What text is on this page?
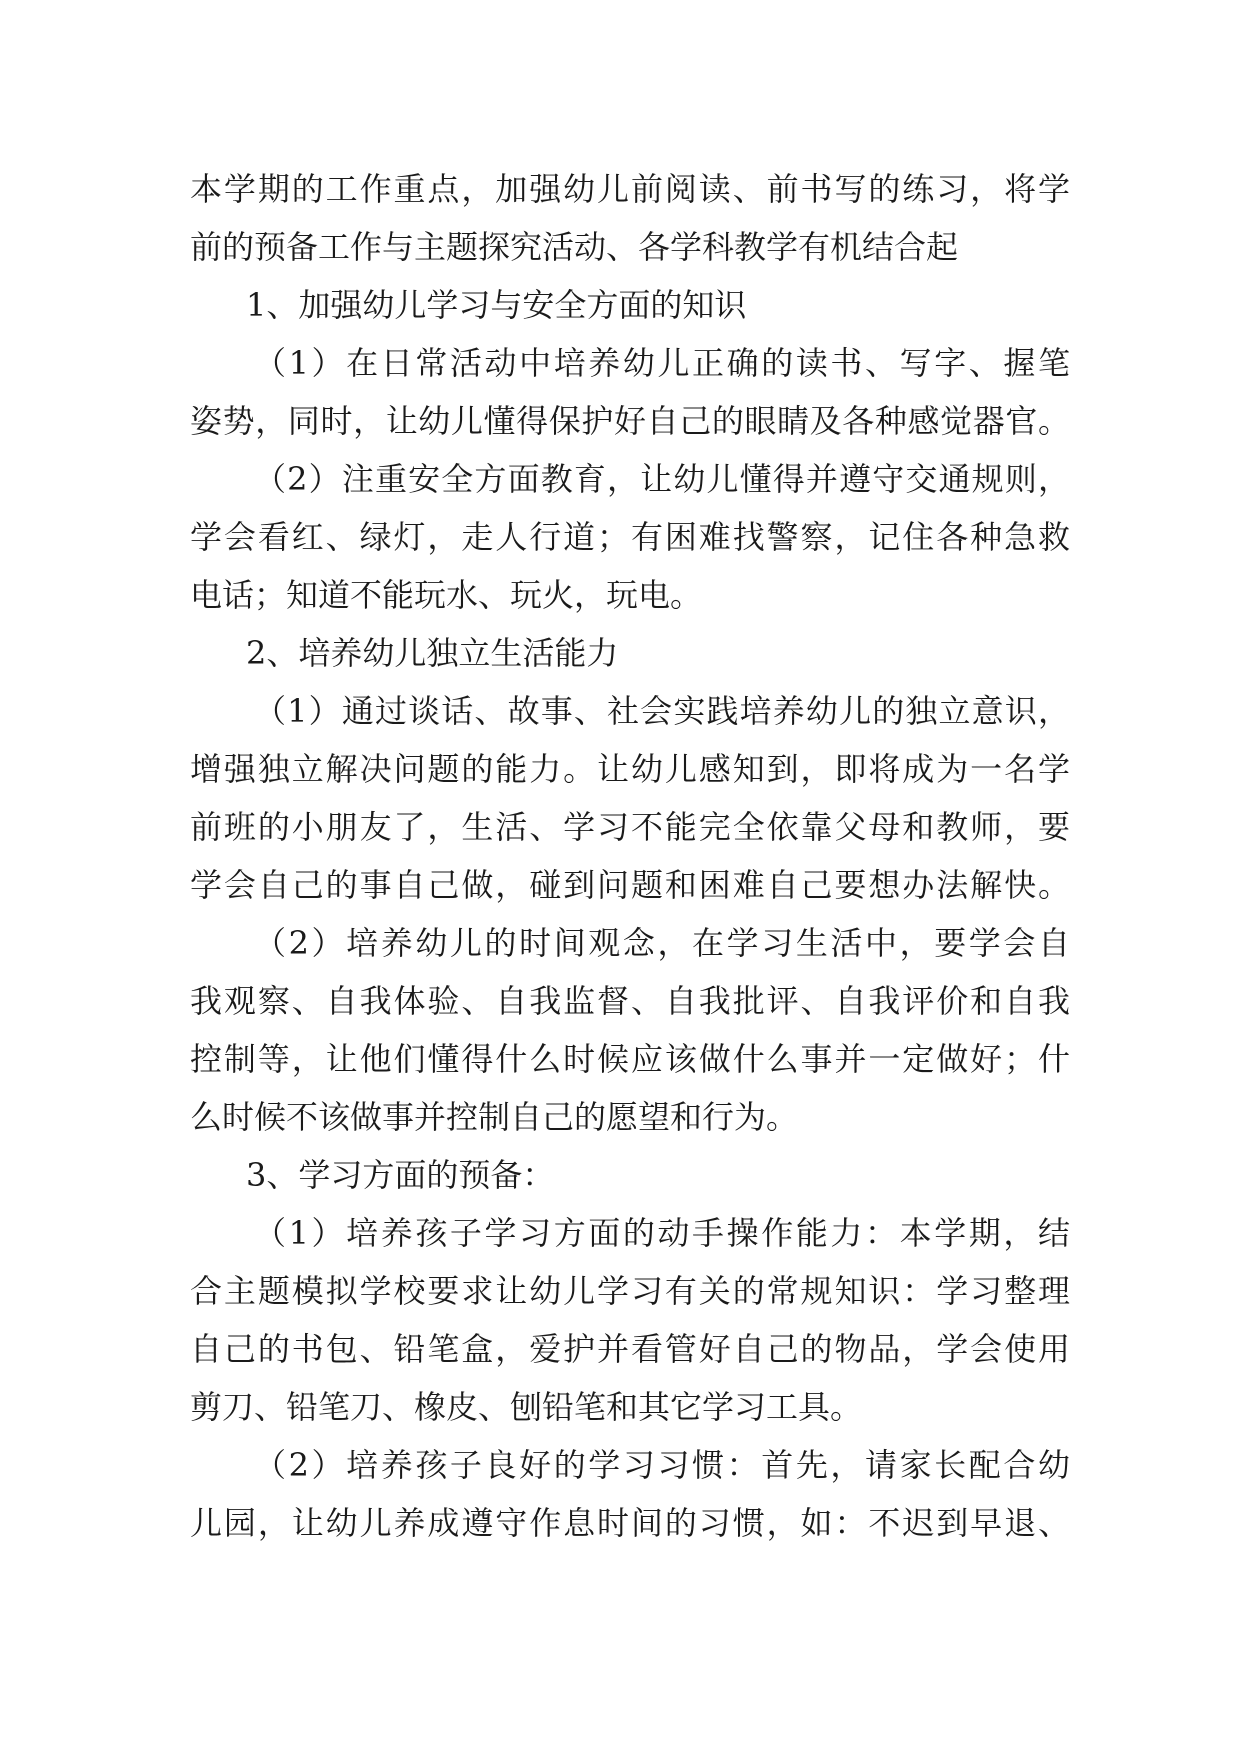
本学期的工作重点，加强幼儿前阅读、前书写的练习，将学
前的预备工作与主题探究活动、各学科教学有机结合起
1、加强幼儿学习与安全方面的知识
（1）在日常活动中培养幼儿正确的读书、写字、握笔
姿势，同时，让幼儿懂得保护好自己的眼睛及各种感觉器官。
（2）注重安全方面教育，让幼儿懂得并遵守交通规则，
学会看红、绿灯，走人行道；有困难找警察，记住各种急救
电话；知道不能玩水、玩火，玩电。
2、培养幼儿独立生活能力
（1）通过谈话、故事、社会实践培养幼儿的独立意识，
增强独立解决问题的能力。让幼儿感知到，即将成为一名学
前班的小朋友了，生活、学习不能完全依靠父母和教师，要
学会自己的事自己做，碰到问题和困难自己要想办法解快。
（2）培养幼儿的时间观念，在学习生活中，要学会自
我观察、自我体验、自我监督、自我批评、自我评价和自我
控制等，让他们懂得什么时候应该做什么事并一定做好；什
么时候不该做事并控制自己的愿望和行为。
3、学习方面的预备：
（1）培养孩子学习方面的动手操作能力：本学期，结
合主题模拟学校要求让幼儿学习有关的常规知识：学习整理
自己的书包、铅笔盒，爱护并看管好自己的物品，学会使用
剪刀、铅笔刀、橡皮、刨铅笔和其它学习工具。
（2）培养孩子良好的学习习惯：首先，请家长配合幼
儿园，让幼儿养成遵守作息时间的习惯，如：不迟到早退、
